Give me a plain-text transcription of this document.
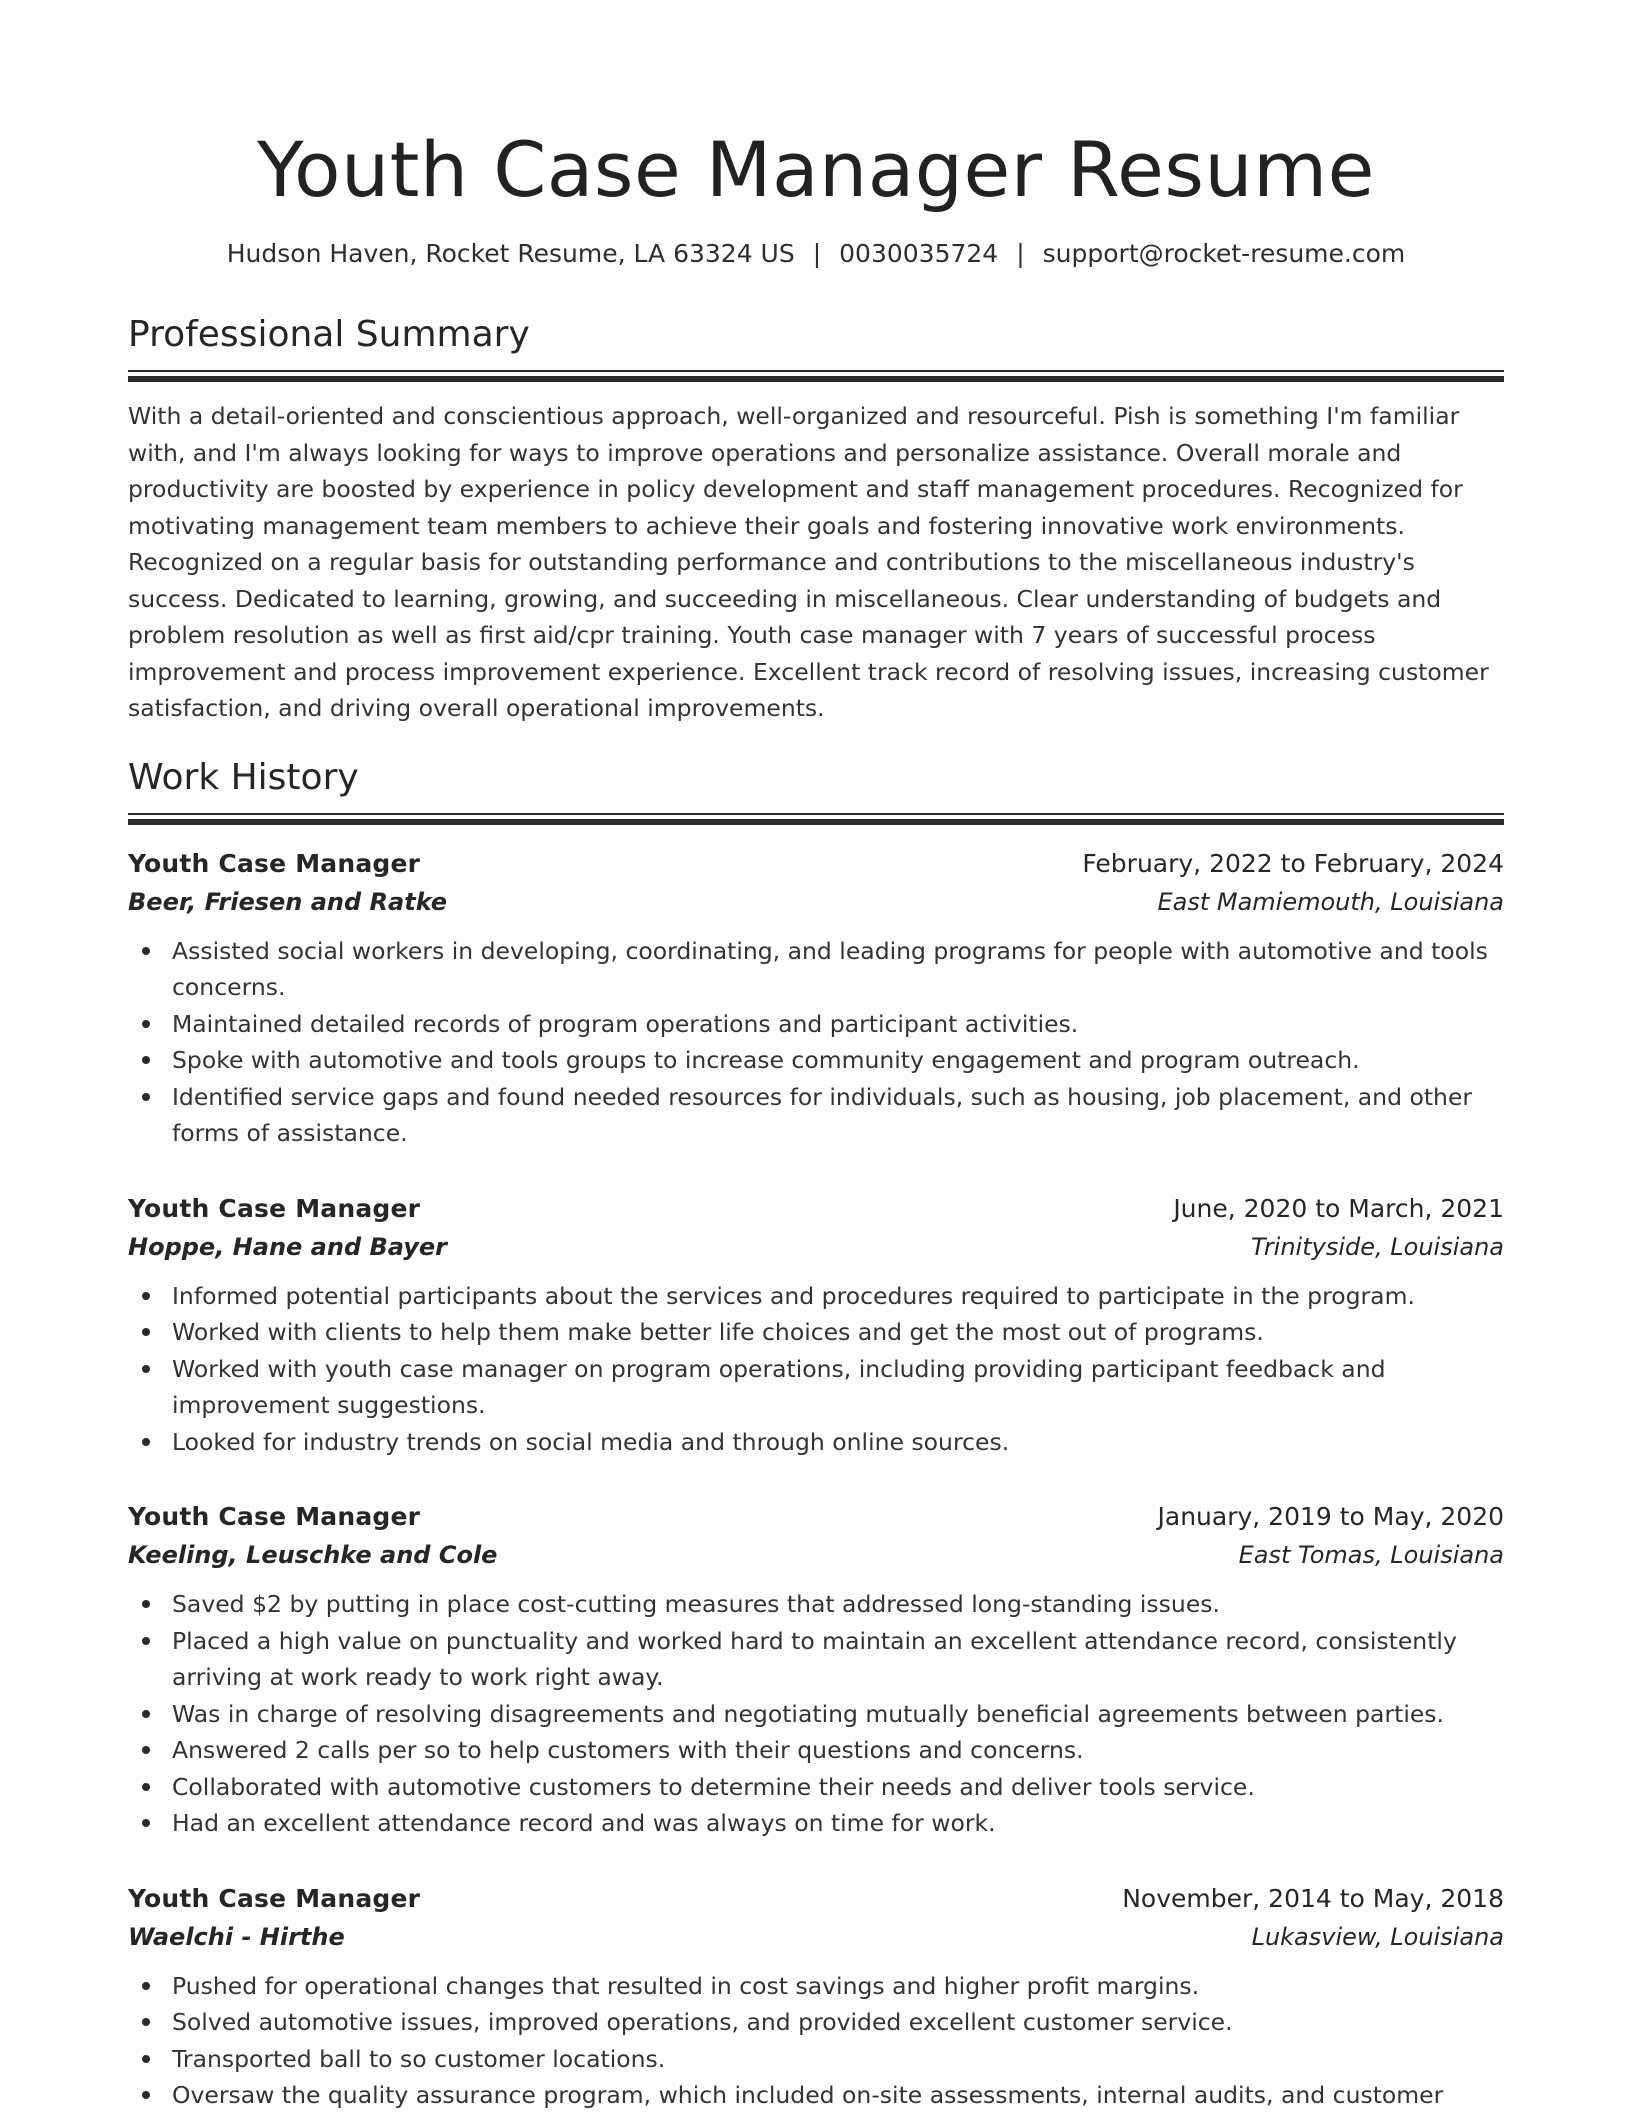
Youth Case Manager Resume
Hudson Haven, Rocket Resume, LA 63324 US | 0030035724 | support@rocket-resume.com
Professional Summary

With a detail-oriented and conscientious approach, well-organized and resourceful. Pish is something I'm familiar with, and I'm always looking for ways to improve operations and personalize assistance. Overall morale and productivity are boosted by experience in policy development and staff management procedures. Recognized for motivating management team members to achieve their goals and fostering innovative work environments. Recognized on a regular basis for outstanding performance and contributions to the miscellaneous industry's success. Dedicated to learning, growing, and succeeding in miscellaneous. Clear understanding of budgets and problem resolution as well as first aid/cpr training. Youth case manager with 7 years of successful process improvement and process improvement experience. Excellent track record of resolving issues, increasing customer satisfaction, and driving overall operational improvements.

Work History
Youth Case Manager	February, 2022 to February, 2024
Beer, Friesen and Ratke	East Mamiemouth, Louisiana
Assisted social workers in developing, coordinating, and leading programs for people with automotive and tools concerns.
Maintained detailed records of program operations and participant activities.
Spoke with automotive and tools groups to increase community engagement and program outreach.
Identified service gaps and found needed resources for individuals, such as housing, job placement, and other forms of assistance.
Youth Case Manager	June, 2020 to March, 2021
Hoppe, Hane and Bayer	Trinityside, Louisiana
Informed potential participants about the services and procedures required to participate in the program.
Worked with clients to help them make better life choices and get the most out of programs.
Worked with youth case manager on program operations, including providing participant feedback and improvement suggestions.
Looked for industry trends on social media and through online sources.
Youth Case Manager	January, 2019 to May, 2020
Keeling, Leuschke and Cole	East Tomas, Louisiana
Saved $2 by putting in place cost-cutting measures that addressed long-standing issues.
Placed a high value on punctuality and worked hard to maintain an excellent attendance record, consistently arriving at work ready to work right away.
Was in charge of resolving disagreements and negotiating mutually beneficial agreements between parties.
Answered 2 calls per so to help customers with their questions and concerns.
Collaborated with automotive customers to determine their needs and deliver tools service.
Had an excellent attendance record and was always on time for work.
Youth Case Manager	November, 2014 to May, 2018
Waelchi - Hirthe	Lukasview, Louisiana
Pushed for operational changes that resulted in cost savings and higher profit margins.
Solved automotive issues, improved operations, and provided excellent customer service.
Transported ball to so customer locations.
Oversaw the quality assurance program, which included on-site assessments, internal audits, and customer
